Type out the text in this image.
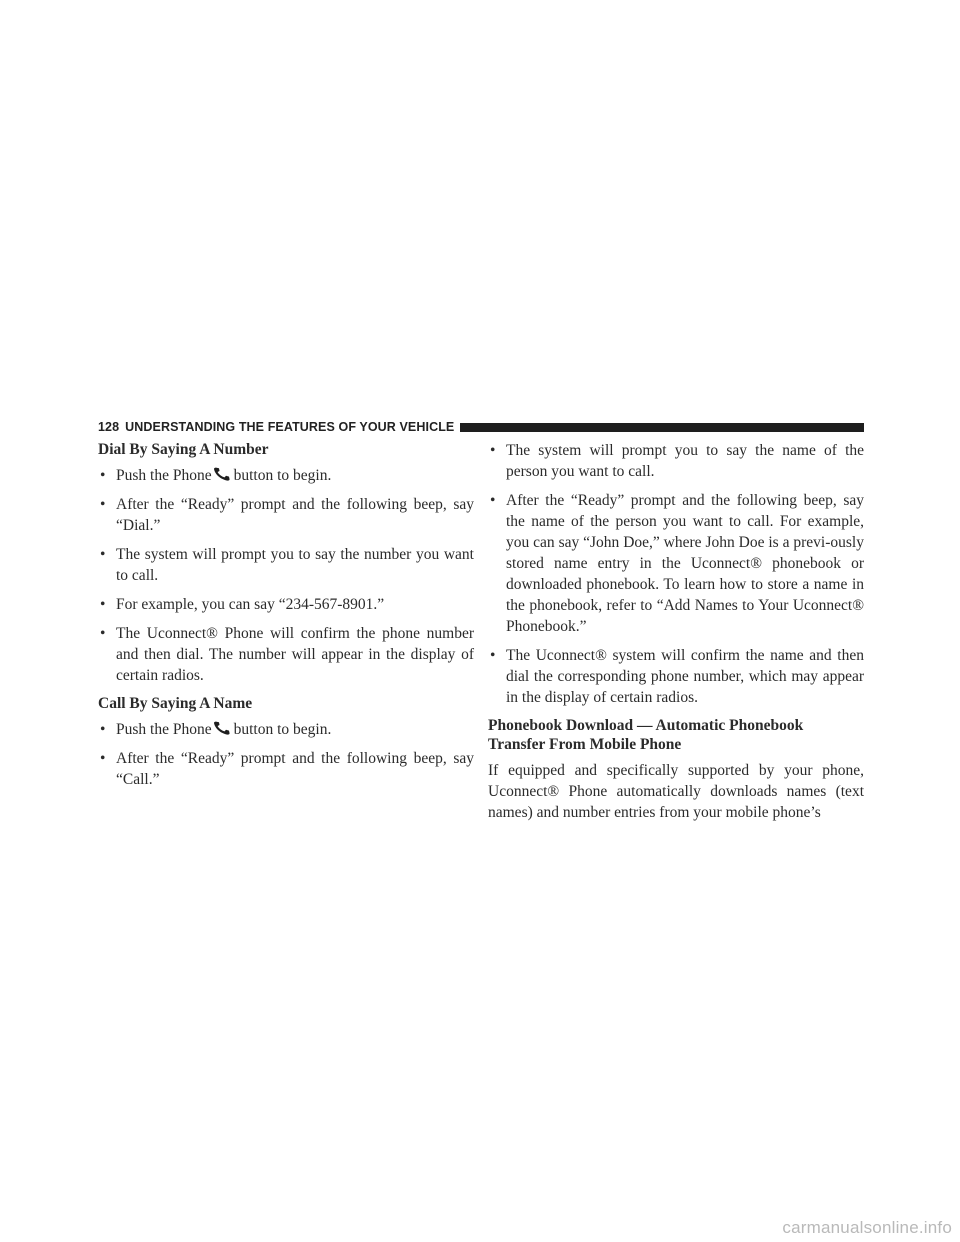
128 UNDERSTANDING THE FEATURES OF YOUR VEHICLE
Dial By Saying A Number
• Push the Phone button to begin.
• After the “Ready” prompt and the following beep, say “Dial.”
• The system will prompt you to say the number you want to call.
• For example, you can say “234-567-8901.”
• The Uconnect® Phone will confirm the phone number and then dial. The number will appear in the display of certain radios.
Call By Saying A Name
• Push the Phone button to begin.
• After the “Ready” prompt and the following beep, say “Call.”
• The system will prompt you to say the name of the person you want to call.
• After the “Ready” prompt and the following beep, say the name of the person you want to call. For example, you can say “John Doe,” where John Doe is a previ-ously stored name entry in the Uconnect® phonebook or downloaded phonebook. To learn how to store a name in the phonebook, refer to “Add Names to Your Uconnect® Phonebook.”
• The Uconnect® system will confirm the name and then dial the corresponding phone number, which may appear in the display of certain radios.
Phonebook Download — Automatic Phonebook
Transfer From Mobile Phone

If equipped and specifically supported by your phone, Uconnect® Phone automatically downloads names (text names) and number entries from your mobile phone’s

carmanualsonline.info
